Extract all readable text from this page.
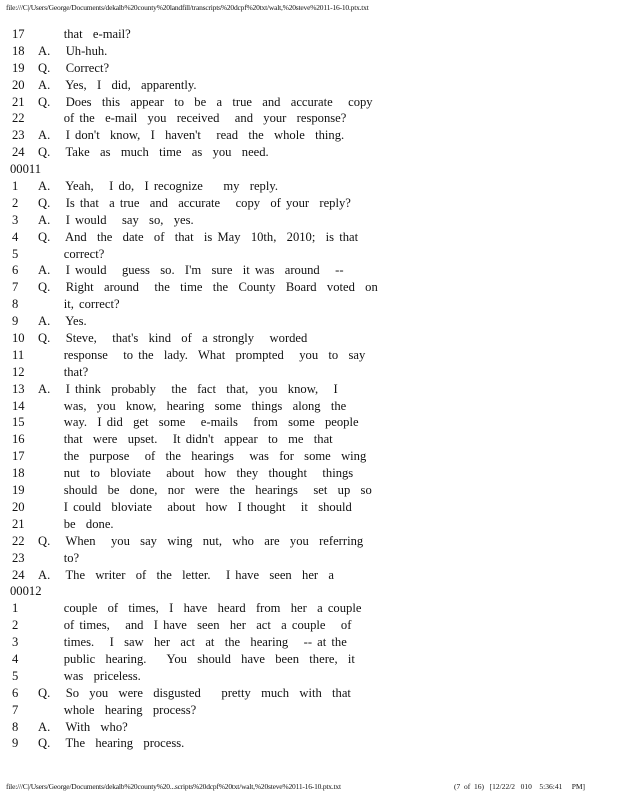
file:///C|/Users/George/Documents/dekalb%20county%20landfill/transcripts%20dcpf%20txt/walt,%20steve%2011-16-10.ptx.txt
17	that  e-mail?
18	A.   Uh-huh.
19	Q.   Correct?
20	A.   Yes,  I  did,  apparently.
21	Q.   Does  this  appear  to  be  a  true  and  accurate   copy
22	of the  e-mail  you  received   and  your  response?
23	A.   I don't  know,  I  haven't   read  the  whole  thing.
24	Q.   Take  as  much  time  as  you  need.
00011
1	A.   Yeah,   I do,  I recognize    my  reply.
2	Q.   Is that  a true  and  accurate   copy  of your  reply?
3	A.   I would   say  so,  yes.
4	Q.   And  the  date  of  that  is May  10th,  2010;  is that
5	correct?
6	A.   I would   guess  so.  I'm  sure  it was  around   --
7	Q.   Right  around   the  time  the  County  Board  voted  on
8	it, correct?
9	A.   Yes.
10	Q.   Steve,   that's  kind  of  a strongly   worded
11	response   to the  lady.  What  prompted   you  to  say
12	that?
13	A.   I think  probably   the  fact  that,  you  know,   I
14	was,  you  know,  hearing  some  things  along  the
15	way.  I did  get  some   e-mails   from  some  people
16	that  were  upset.   It didn't  appear  to  me  that
17	the  purpose   of  the  hearings   was  for  some  wing
18	nut  to  bloviate   about  how  they  thought   things
19	should  be  done,  nor  were  the  hearings   set  up  so
20	I could  bloviate   about  how  I thought   it  should
21	be  done.
22	Q.   When   you  say  wing  nut,  who  are  you  referring
23	to?
24	A.   The  writer  of  the  letter.   I have  seen  her  a
00012
1	couple  of  times,  I  have  heard  from  her  a couple
2	of times,   and  I have  seen  her  act  a couple   of
3	times.   I  saw  her  act  at  the  hearing   -- at the
4	public  hearing.    You  should  have  been  there,  it
5	was  priceless.
6	Q.   So  you  were  disgusted    pretty  much  with  that
7	whole  hearing  process?
8	A.   With  who?
9	Q.   The  hearing  process.
file:///C|/Users/George/Documents/dekalb%20county%20...scripts%20dcpf%20txt/walt,%20steve%2011-16-10.ptx.txt	(7  of  16)   [12/22/2   010    5:36:41     PM]
